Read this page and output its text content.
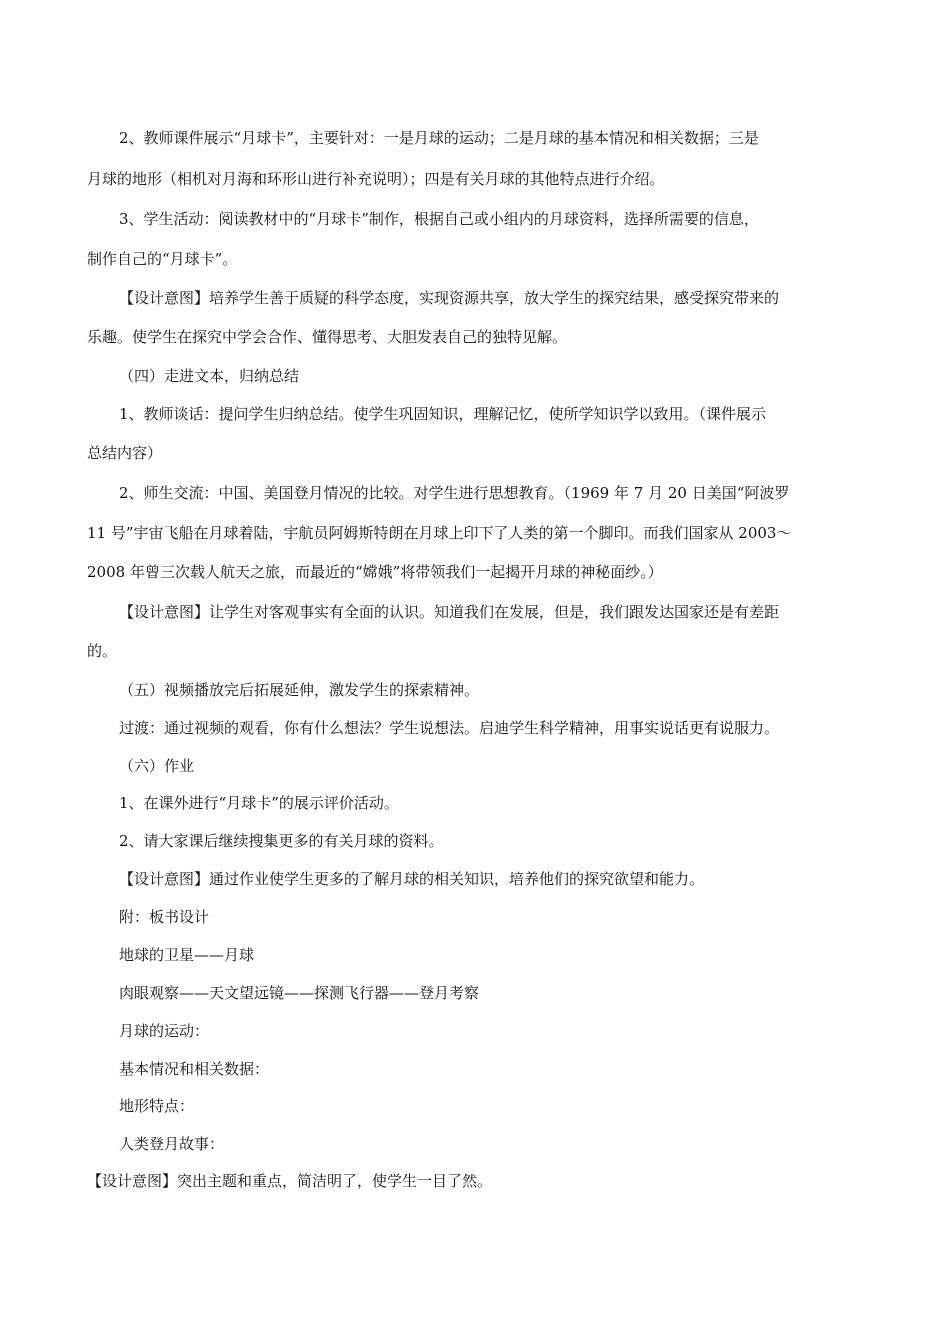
2、教师课件展示“月球卡”，主要针对：一是月球的运动；二是月球的基本情况和相关数据；三是
月球的地形（相机对月海和环形山进行补充说明）；四是有关月球的其他特点进行介绍。
3、学生活动：阅读教材中的“月球卡”制作，根据自己或小组内的月球资料，选择所需要的信息，
制作自己的“月球卡”。
【设计意图】培养学生善于质疑的科学态度，实现资源共享，放大学生的探究结果，感受探究带来的
乐趣。使学生在探究中学会合作、懂得思考、大胆发表自己的独特见解。
（四）走进文本，归纳总结
1、教师谈话：提问学生归纳总结。使学生巩固知识，理解记忆，使所学知识学以致用。（课件展示
总结内容）
2、师生交流：中国、美国登月情况的比较。对学生进行思想教育。（1969 年 7 月 20 日美国“阿波罗
11 号”宇宙飞船在月球着陆，宇航员阿姆斯特朗在月球上印下了人类的第一个脚印。而我们国家从 2003～
2008 年曾三次载人航天之旅，而最近的“嫦娥”将带领我们一起揭开月球的神秘面纱。）
【设计意图】让学生对客观事实有全面的认识。知道我们在发展，但是，我们跟发达国家还是有差距
的。
（五）视频播放完后拓展延伸，激发学生的探索精神。
过渡：通过视频的观看，你有什么想法？学生说想法。启迪学生科学精神，用事实说话更有说服力。
（六）作业
1、在课外进行“月球卡”的展示评价活动。
2、请大家课后继续搜集更多的有关月球的资料。
【设计意图】通过作业使学生更多的了解月球的相关知识，培养他们的探究欲望和能力。
附：板书设计
地球的卫星——月球
肉眼观察——天文望远镜——探测飞行器——登月考察
月球的运动：
基本情况和相关数据：
地形特点：
人类登月故事：
【设计意图】突出主题和重点，简洁明了，使学生一目了然。
